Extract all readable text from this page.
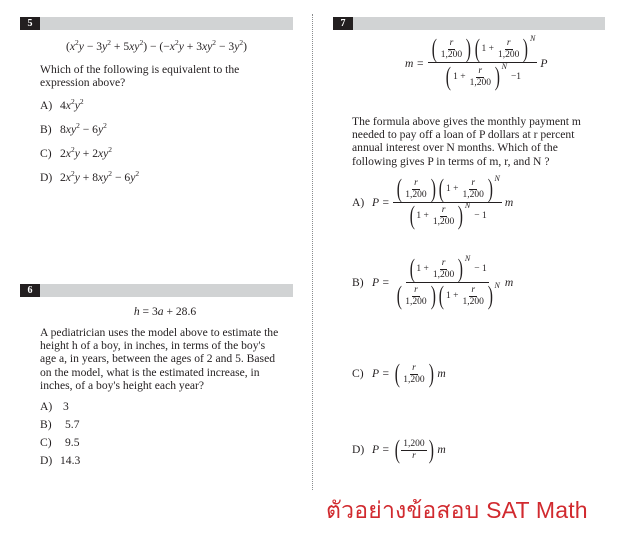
5
$(x^2y - 3y^2 + 5xy^2) - (-x^2y + 3xy^2 - 3y^2)$
Which of the following is equivalent to the
expression above?
A) $4x^2y^2$
B) $8xy^2 - 6y^2$
C) $2x^2y + 2xy^2$
D) $2x^2y + 8xy^2 - 6y^2$
6
h = 3a + 28.6
A pediatrician uses the model above to estimate the
height h of a boy, in inches, in terms of the boy's
age a, in years, between the ages of 2 and 5. Based
on the model, what is the estimated increase, in
inches, of a boy's height each year?
A) 3
B) 5.7
C) 9.5
D) 14.3
7
m = ( $\frac{r}{1,200}$ ) ( $1 + \frac{r}{1,200}$ ) N
( $1 + \frac{r}{1,200}$ ) N
−1
P
The formula above gives the monthly payment m
needed to pay off a loan of P dollars at r percent
annual interest over N months. Which of the
following gives P in terms of m, r, and N ?
A) P = ( $\frac{r}{1,200}$ ) ( $1 + \frac{r}{1,200}$ ) N
( $1 + \frac{r}{1,200}$ ) N
− 1
m
B) P = ( $1 + \frac{r}{1,200}$ ) N
− 1
( $\frac{r}{1,200}$ ) ( $1 + \frac{r}{1,200}$ ) N m
C) P = ( $\frac{r}{1,200}$ ) m
D) P = ( $\frac{1,200}{r}$ ) m
ตัวอย่างข้อสอบ SAT Math
